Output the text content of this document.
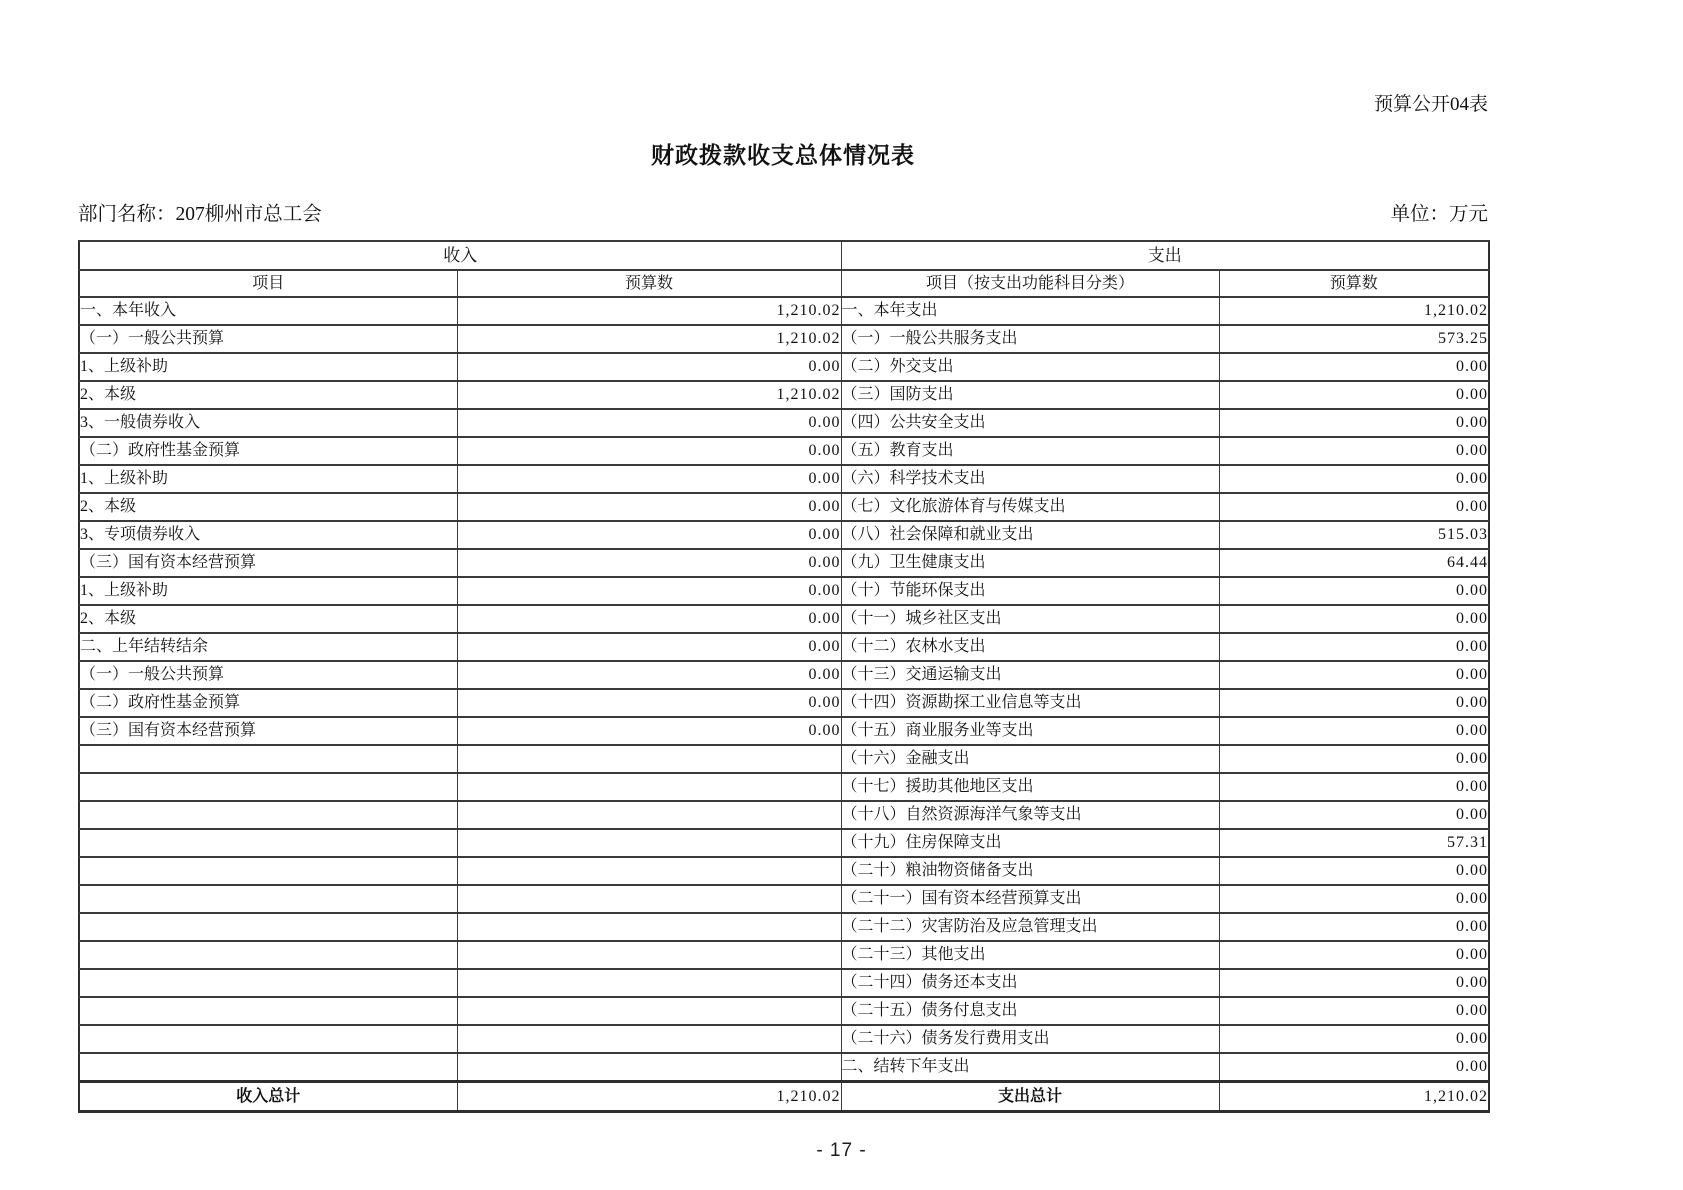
预算公开04表
财政拨款收支总体情况表
部门名称：207柳州市总工会	单位：万元
收入		支出	
项目	预算数	项目（按支出功能科目分类）	预算数
一、本年收入	1,210.02	一、本年支出	1,210.02
（一）一般公共预算	1,210.02	（一）一般公共服务支出	573.25
1、上级补助	0.00	（二）外交支出	0.00
2、本级	1,210.02	（三）国防支出	0.00
3、一般债券收入	0.00	（四）公共安全支出	0.00
（二）政府性基金预算	0.00	（五）教育支出	0.00
1、上级补助	0.00	（六）科学技术支出	0.00
2、本级	0.00	（七）文化旅游体育与传媒支出	0.00
3、专项债券收入	0.00	（八）社会保障和就业支出	515.03
（三）国有资本经营预算	0.00	（九）卫生健康支出	64.44
1、上级补助	0.00	（十）节能环保支出	0.00
2、本级	0.00	（十一）城乡社区支出	0.00
二、上年结转结余	0.00	（十二）农林水支出	0.00
（一）一般公共预算	0.00	（十三）交通运输支出	0.00
（二）政府性基金预算	0.00	（十四）资源勘探工业信息等支出	0.00
（三）国有资本经营预算	0.00	（十五）商业服务业等支出	0.00
		（十六）金融支出	0.00
		（十七）援助其他地区支出	0.00
		（十八）自然资源海洋气象等支出	0.00
		（十九）住房保障支出	57.31
		（二十）粮油物资储备支出	0.00
		（二十一）国有资本经营预算支出	0.00
		（二十二）灾害防治及应急管理支出	0.00
		（二十三）其他支出	0.00
		（二十四）债务还本支出	0.00
		（二十五）债务付息支出	0.00
		（二十六）债务发行费用支出	0.00
		二、结转下年支出	0.00
收入总计	1,210.02	支出总计	1,210.02
- 17 -
